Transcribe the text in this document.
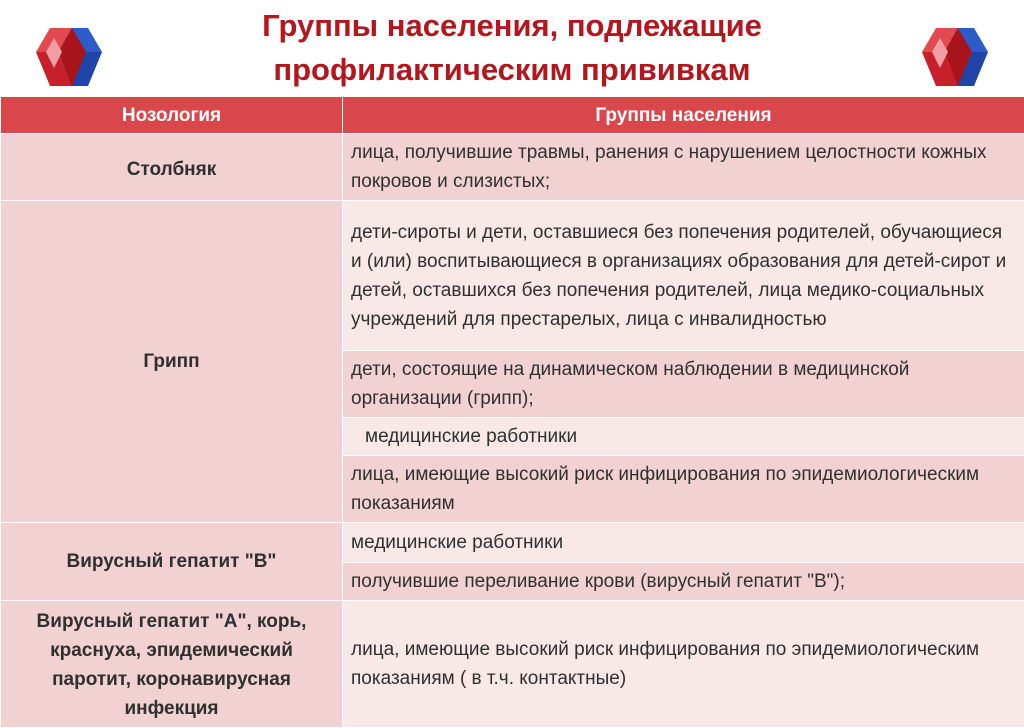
Группы населения, подлежащие
профилактическим прививкам
Нозология	Группы населения
Столбняк	лица, получившие травмы, ранения с нарушением целостности кожных покровов и слизистых;
Грипп	дети-сироты и дети, оставшиеся без попечения родителей, обучающиеся и (или) воспитывающиеся в организациях образования для детей-сирот и детей, оставшихся без попечения родителей, лица медико-социальных учреждений для престарелых, лица с инвалидностью
	дети, состоящие на динамическом наблюдении в медицинской организации (грипп);
	медицинские работники
	лица, имеющие высокий риск инфицирования по эпидемиологическим показаниям
Вирусный гепатит "В"	медицинские работники
	получившие переливание крови (вирусный гепатит "В");
Вирусный гепатит "А", корь, краснуха, эпидемический паротит, коронавирусная инфекция	лица, имеющие высокий риск инфицирования по эпидемиологическим показаниям ( в т.ч. контактные)
